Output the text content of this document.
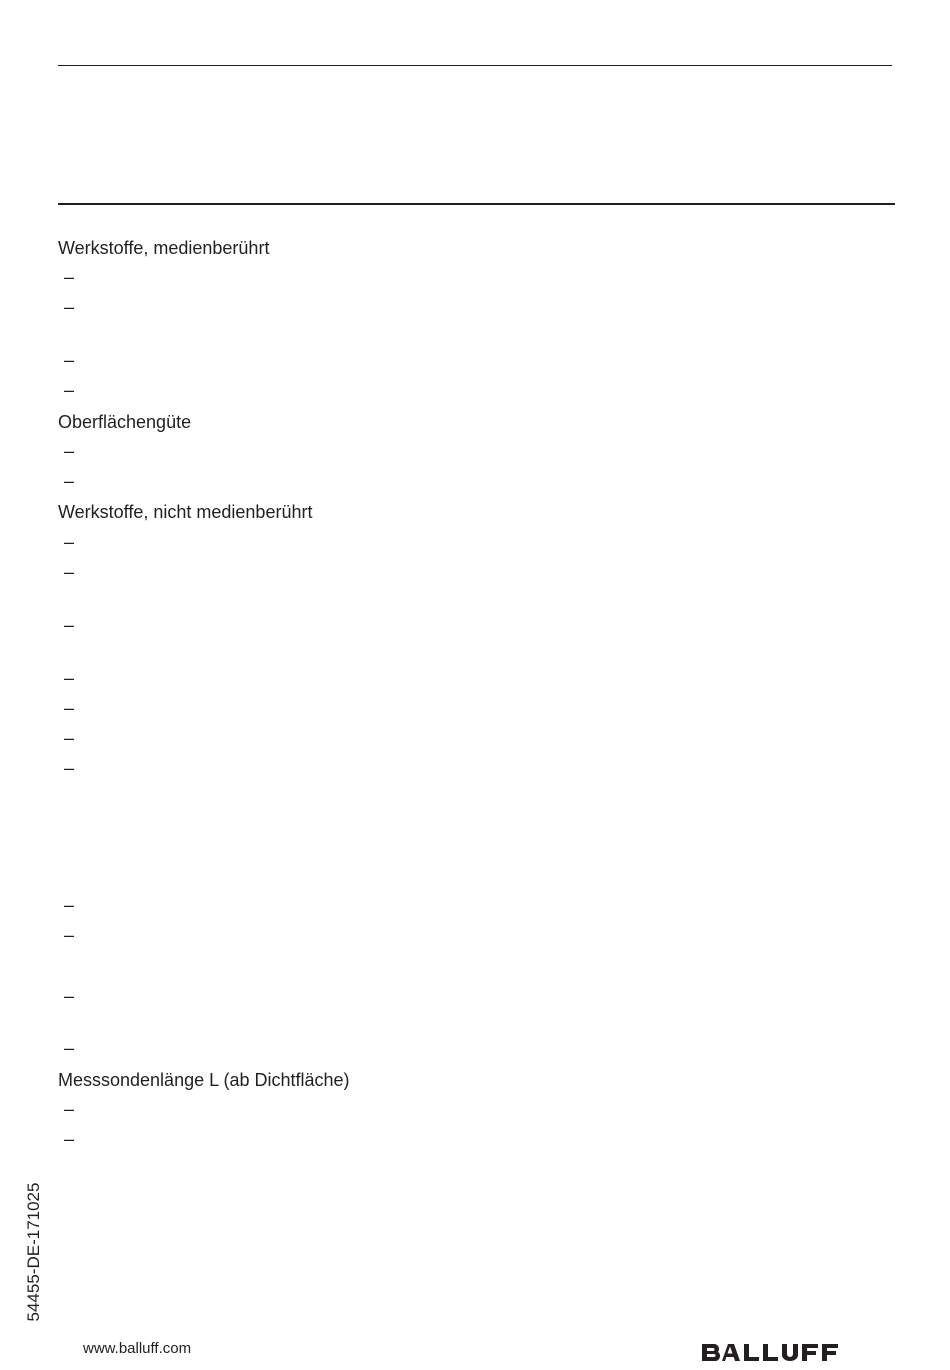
Werkstoffe, medienberührt
–
–
–
–
Oberflächengüte
–
–
Werkstoffe, nicht medienberührt
–
–
–
–
–
–
–
–
–
–
–
Messsondenlänge L (ab Dichtfläche)
–
–
54455-DE-171025
www.balluff.com
